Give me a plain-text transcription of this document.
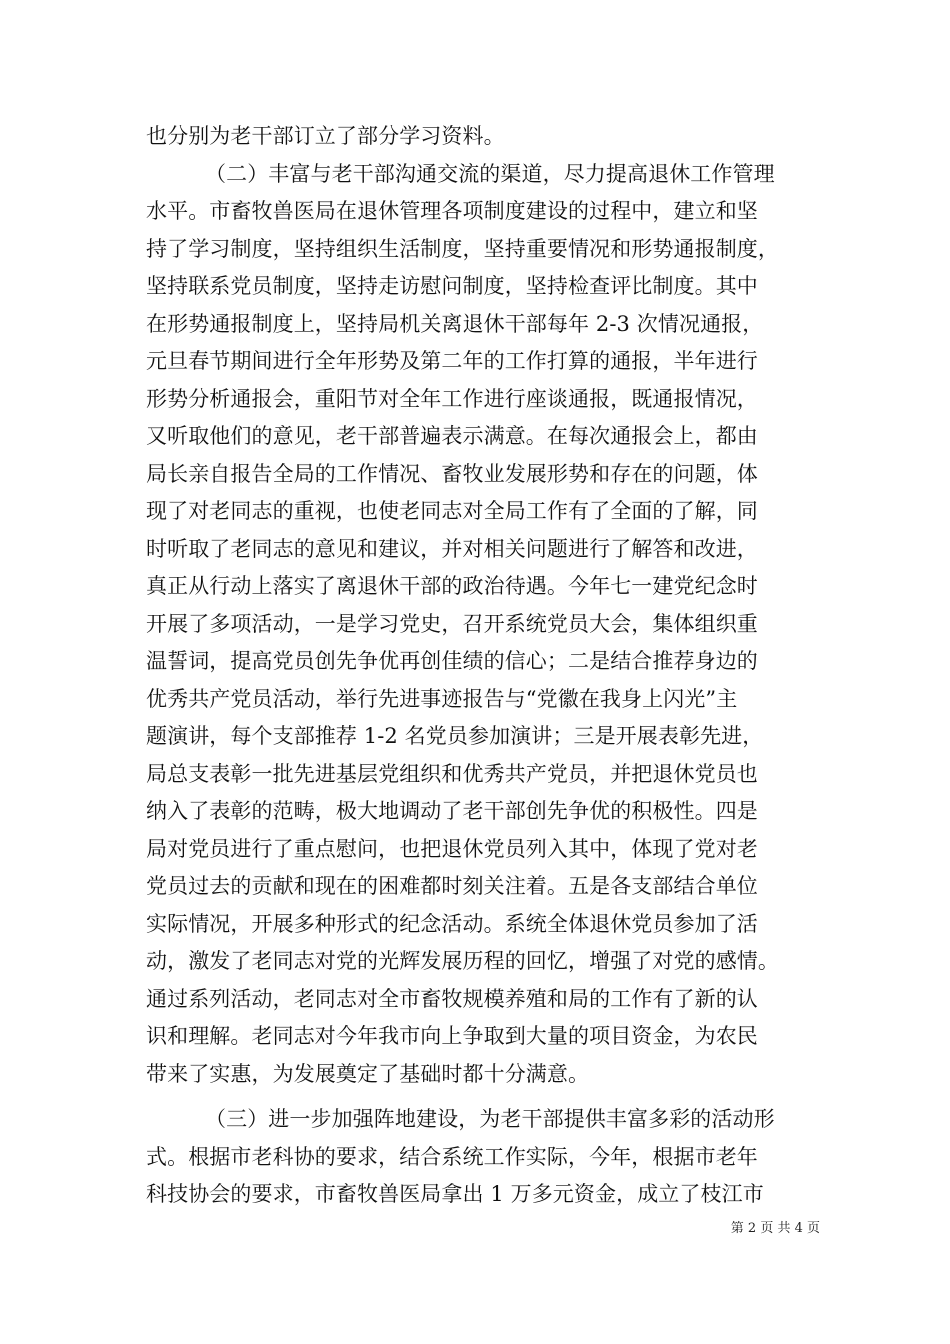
也分别为老干部订立了部分学习资料。
（二）丰富与老干部沟通交流的渠道，尽力提高退休工作管理
水平。市畜牧兽医局在退休管理各项制度建设的过程中，建立和坚
持了学习制度，坚持组织生活制度，坚持重要情况和形势通报制度，
坚持联系党员制度，坚持走访慰问制度，坚持检查评比制度。其中
在形势通报制度上，坚持局机关离退休干部每年 2-3 次情况通报，
元旦春节期间进行全年形势及第二年的工作打算的通报，半年进行
形势分析通报会，重阳节对全年工作进行座谈通报，既通报情况，
又听取他们的意见，老干部普遍表示满意。在每次通报会上，都由
局长亲自报告全局的工作情况、畜牧业发展形势和存在的问题，体
现了对老同志的重视，也使老同志对全局工作有了全面的了解，同
时听取了老同志的意见和建议，并对相关问题进行了解答和改进，
真正从行动上落实了离退休干部的政治待遇。今年七一建党纪念时
开展了多项活动，一是学习党史，召开系统党员大会，集体组织重
温誓词，提高党员创先争优再创佳绩的信心；二是结合推荐身边的
优秀共产党员活动，举行先进事迹报告与“党徽在我身上闪光”主
题演讲，每个支部推荐 1-2 名党员参加演讲；三是开展表彰先进，
局总支表彰一批先进基层党组织和优秀共产党员，并把退休党员也
纳入了表彰的范畴，极大地调动了老干部创先争优的积极性。四是
局对党员进行了重点慰问，也把退休党员列入其中，体现了党对老
党员过去的贡献和现在的困难都时刻关注着。五是各支部结合单位
实际情况，开展多种形式的纪念活动。系统全体退休党员参加了活
动，激发了老同志对党的光辉发展历程的回忆，增强了对党的感情。
通过系列活动，老同志对全市畜牧规模养殖和局的工作有了新的认
识和理解。老同志对今年我市向上争取到大量的项目资金，为农民
带来了实惠，为发展奠定了基础时都十分满意。
（三）进一步加强阵地建设，为老干部提供丰富多彩的活动形
式。根据市老科协的要求，结合系统工作实际，今年，根据市老年
科技协会的要求，市畜牧兽医局拿出 1 万多元资金，成立了枝江市
第 2 页 共 4 页
